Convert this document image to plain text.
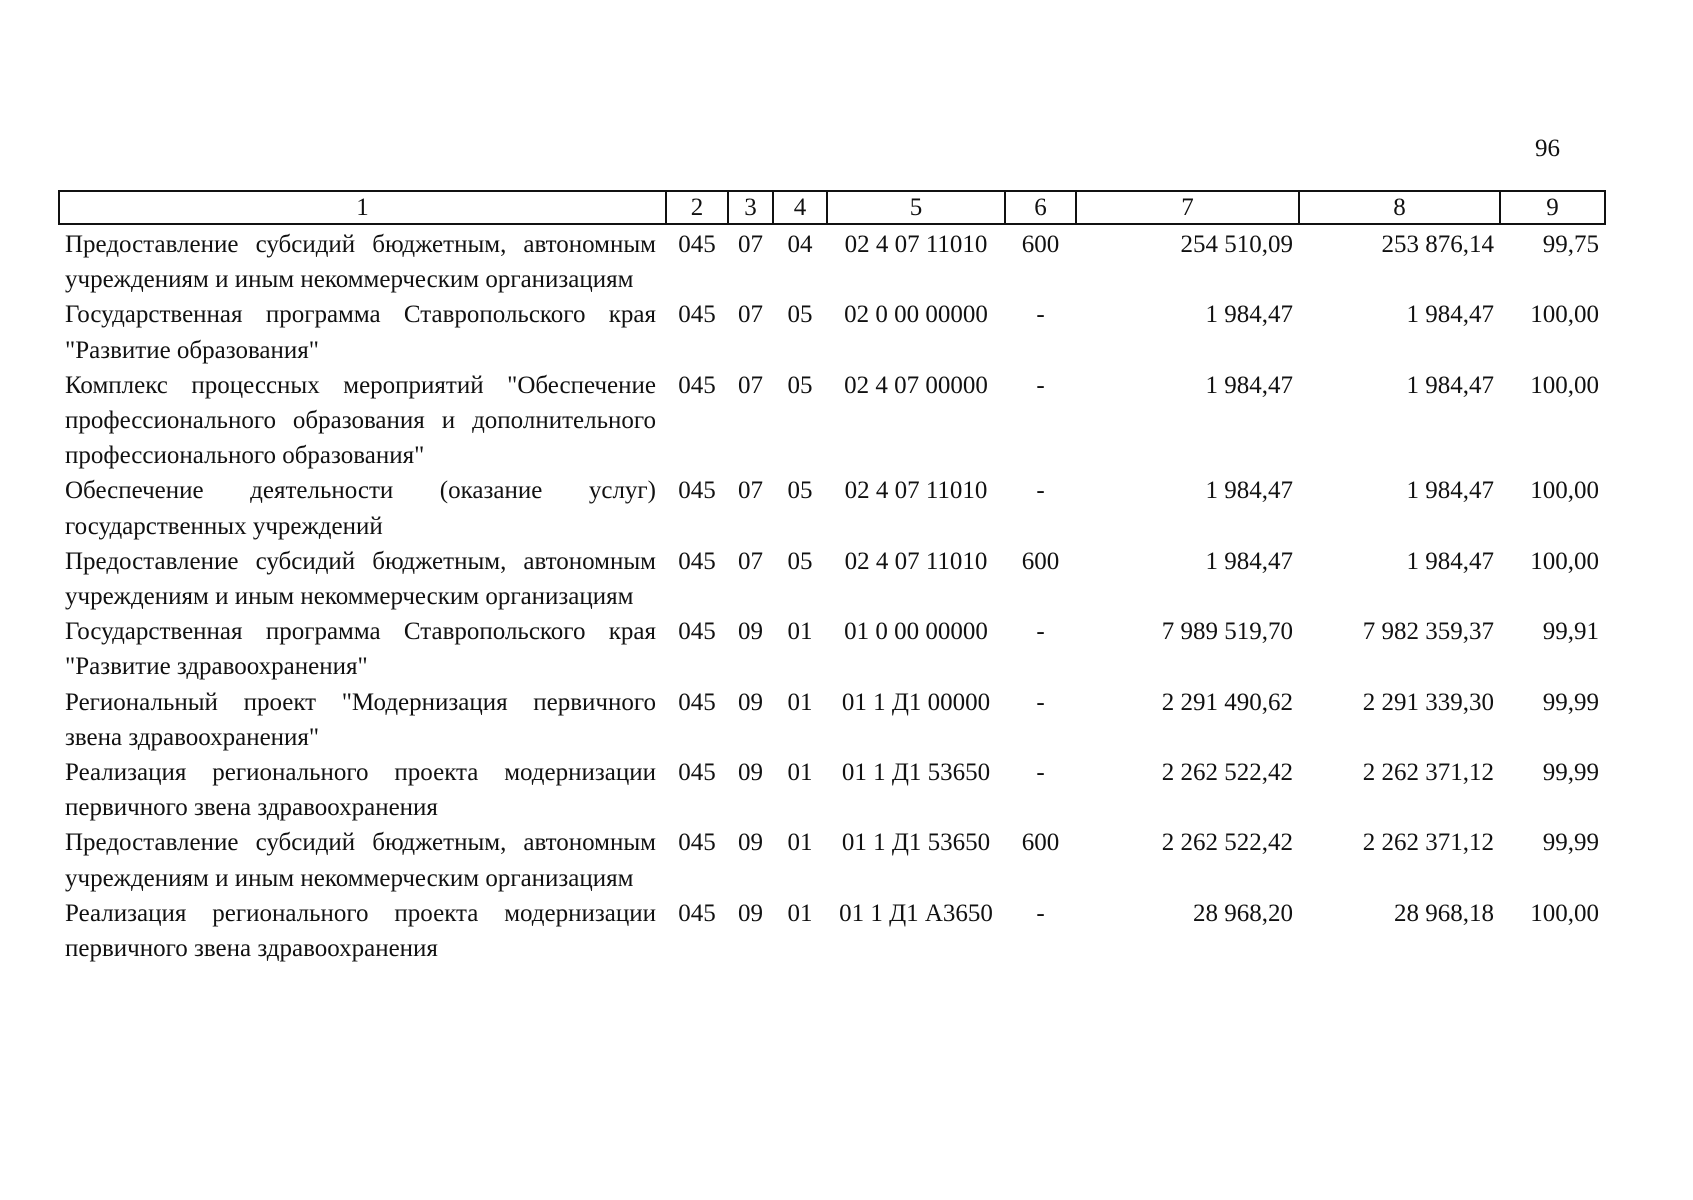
96
1	2	3	4	5	6	7	8	9
Предоставление субсидий бюджетным, автономным учреждениям и иным некоммерческим организациям	045	07	04	02 4 07 11010	600	254 510,09	253 876,14	99,75
Государственная программа Ставропольского края "Развитие образования"	045	07	05	02 0 00 00000	-	1 984,47	1 984,47	100,00
Комплекс процессных мероприятий "Обеспечение профессионального образования и дополнительного профессионального образования"	045	07	05	02 4 07 00000	-	1 984,47	1 984,47	100,00
Обеспечение деятельности (оказание услуг) государственных учреждений	045	07	05	02 4 07 11010	-	1 984,47	1 984,47	100,00
Предоставление субсидий бюджетным, автономным учреждениям и иным некоммерческим организациям	045	07	05	02 4 07 11010	600	1 984,47	1 984,47	100,00
Государственная программа Ставропольского края "Развитие здравоохранения"	045	09	01	01 0 00 00000	-	7 989 519,70	7 982 359,37	99,91
Региональный проект "Модернизация первичного звена здравоохранения"	045	09	01	01 1 Д1 00000	-	2 291 490,62	2 291 339,30	99,99
Реализация регионального проекта модернизации первичного звена здравоохранения	045	09	01	01 1 Д1 53650	-	2 262 522,42	2 262 371,12	99,99
Предоставление субсидий бюджетным, автономным учреждениям и иным некоммерческим организациям	045	09	01	01 1 Д1 53650	600	2 262 522,42	2 262 371,12	99,99
Реализация регионального проекта модернизации первичного звена здравоохранения	045	09	01	01 1 Д1 А3650	-	28 968,20	28 968,18	100,00
